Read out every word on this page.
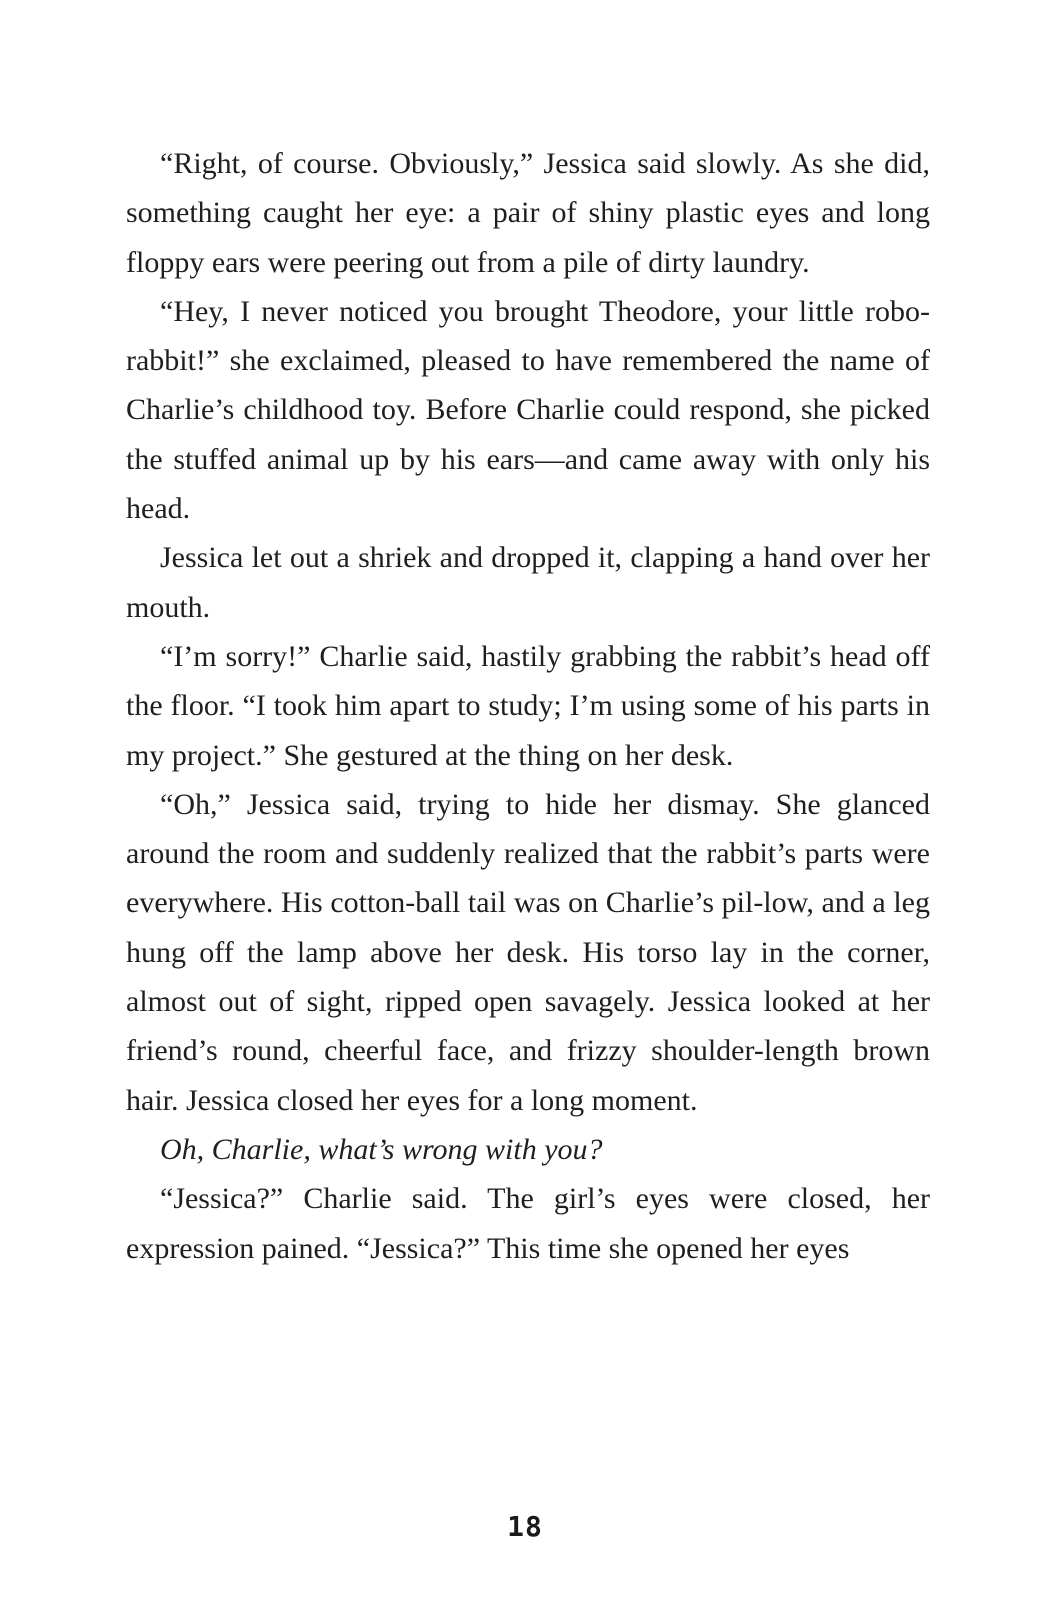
“Right, of course. Obviously,” Jessica said slowly. As she did, something caught her eye: a pair of shiny plastic eyes and long floppy ears were peering out from a pile of dirty laundry.

“Hey, I never noticed you brought Theodore, your little robo-rabbit!” she exclaimed, pleased to have remembered the name of Charlie’s childhood toy. Before Charlie could respond, she picked the stuffed animal up by his ears—and came away with only his head.

Jessica let out a shriek and dropped it, clapping a hand over her mouth.

“I’m sorry!” Charlie said, hastily grabbing the rabbit’s head off the floor. “I took him apart to study; I’m using some of his parts in my project.” She gestured at the thing on her desk.

“Oh,” Jessica said, trying to hide her dismay. She glanced around the room and suddenly realized that the rabbit’s parts were everywhere. His cotton-ball tail was on Charlie’s pil-low, and a leg hung off the lamp above her desk. His torso lay in the corner, almost out of sight, ripped open savagely. Jessica looked at her friend’s round, cheerful face, and frizzy shoulder-length brown hair. Jessica closed her eyes for a long moment.

Oh, Charlie, what’s wrong with you?

“Jessica?” Charlie said. The girl’s eyes were closed, her expression pained. “Jessica?” This time she opened her eyes

18
